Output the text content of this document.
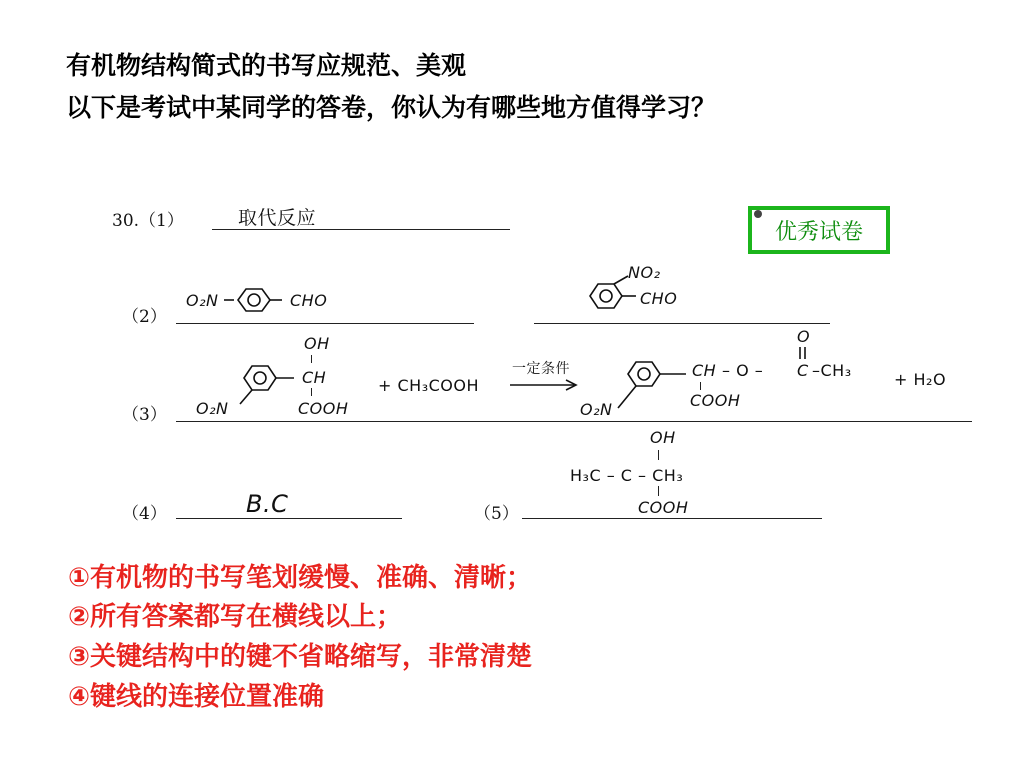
有机物结构简式的书写应规范、美观
以下是考试中某同学的答卷，你认为有哪些地方值得学习？
30.（1）	取代反应
（2）
O₂N	CHO
NO₂
CHO
（3）
OH
CH
COOH
O₂N
+ CH₃COOH
一定条件	CH – O –
O
C –CH₃
COOH
O₂N
+ H₂O
（4）	B.C	（5）
OH
H₃C – C – CH₃
COOH
优秀试卷

①有机物的书写笔划缓慢、准确、清晰；

②所有答案都写在横线以上；

③关键结构中的键不省略缩写，非常清楚

④键线的连接位置准确
